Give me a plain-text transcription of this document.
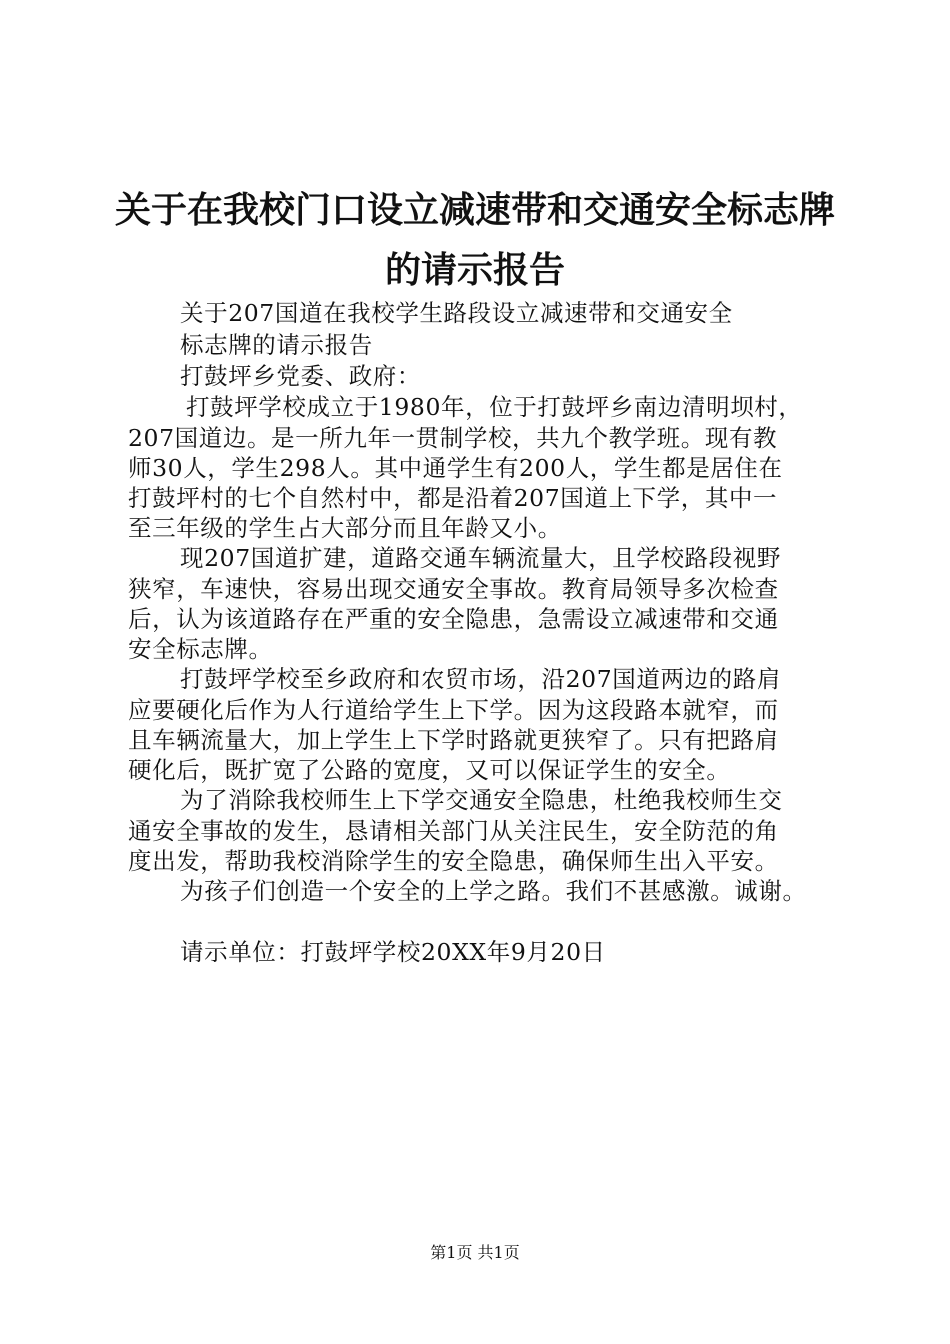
关于在我校门口设立减速带和交通安全标志牌
的请示报告
关于207国道在我校学生路段设立减速带和交通安全
标志牌的请示报告
打鼓坪乡党委、政府：
打鼓坪学校成立于1980年，位于打鼓坪乡南边清明坝村，
207国道边。是一所九年一贯制学校，共九个教学班。现有教
师30人，学生298人。其中通学生有200人，学生都是居住在
打鼓坪村的七个自然村中，都是沿着207国道上下学，其中一
至三年级的学生占大部分而且年龄又小。
现207国道扩建，道路交通车辆流量大，且学校路段视野
狭窄，车速快，容易出现交通安全事故。教育局领导多次检查
后，认为该道路存在严重的安全隐患，急需设立减速带和交通
安全标志牌。
打鼓坪学校至乡政府和农贸市场，沿207国道两边的路肩
应要硬化后作为人行道给学生上下学。因为这段路本就窄，而
且车辆流量大，加上学生上下学时路就更狭窄了。只有把路肩
硬化后，既扩宽了公路的宽度，又可以保证学生的安全。
为了消除我校师生上下学交通安全隐患，杜绝我校师生交
通安全事故的发生，恳请相关部门从关注民生，安全防范的角
度出发，帮助我校消除学生的安全隐患，确保师生出入平安。
为孩子们创造一个安全的上学之路。我们不甚感激。诚谢。
请示单位：打鼓坪学校20XX年9月20日
第1页 共1页
